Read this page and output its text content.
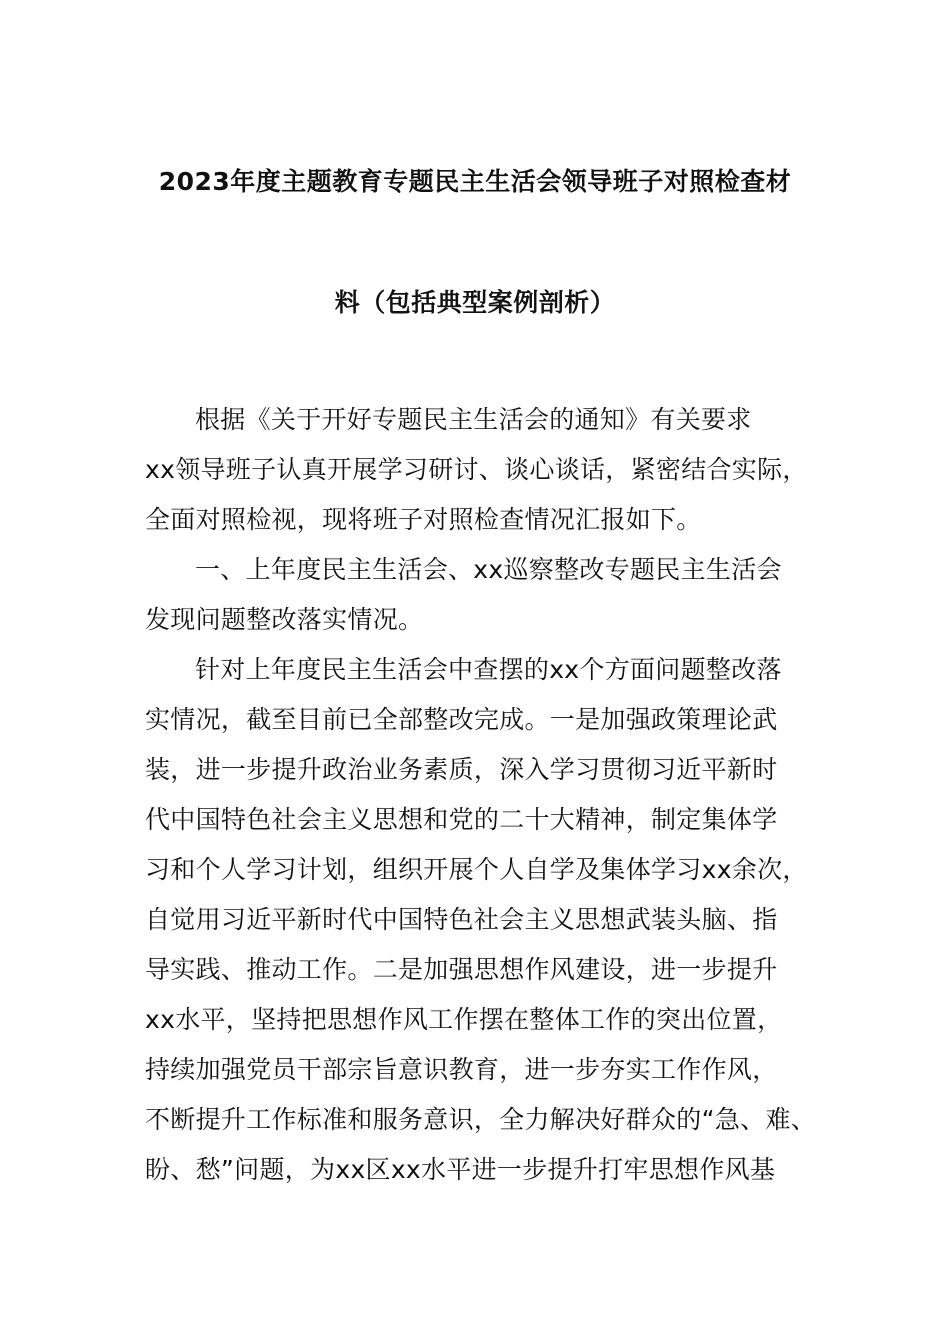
2023年度主题教育专题民主生活会领导班子对照检查材
料（包括典型案例剖析）
根据《关于开好专题民主生活会的通知》有关要求
xx领导班子认真开展学习研讨、谈心谈话，紧密结合实际，
全面对照检视，现将班子对照检查情况汇报如下。
一、上年度民主生活会、xx巡察整改专题民主生活会
发现问题整改落实情况。
针对上年度民主生活会中查摆的xx个方面问题整改落
实情况，截至目前已全部整改完成。一是加强政策理论武
装，进一步提升政治业务素质，深入学习贯彻习近平新时
代中国特色社会主义思想和党的二十大精神，制定集体学
习和个人学习计划，组织开展个人自学及集体学习xx余次，
自觉用习近平新时代中国特色社会主义思想武装头脑、指
导实践、推动工作。二是加强思想作风建设，进一步提升
xx水平，坚持把思想作风工作摆在整体工作的突出位置，
持续加强党员干部宗旨意识教育，进一步夯实工作作风，
不断提升工作标准和服务意识，全力解决好群众的“急、难、
盼、愁”问题，为xx区xx水平进一步提升打牢思想作风基
